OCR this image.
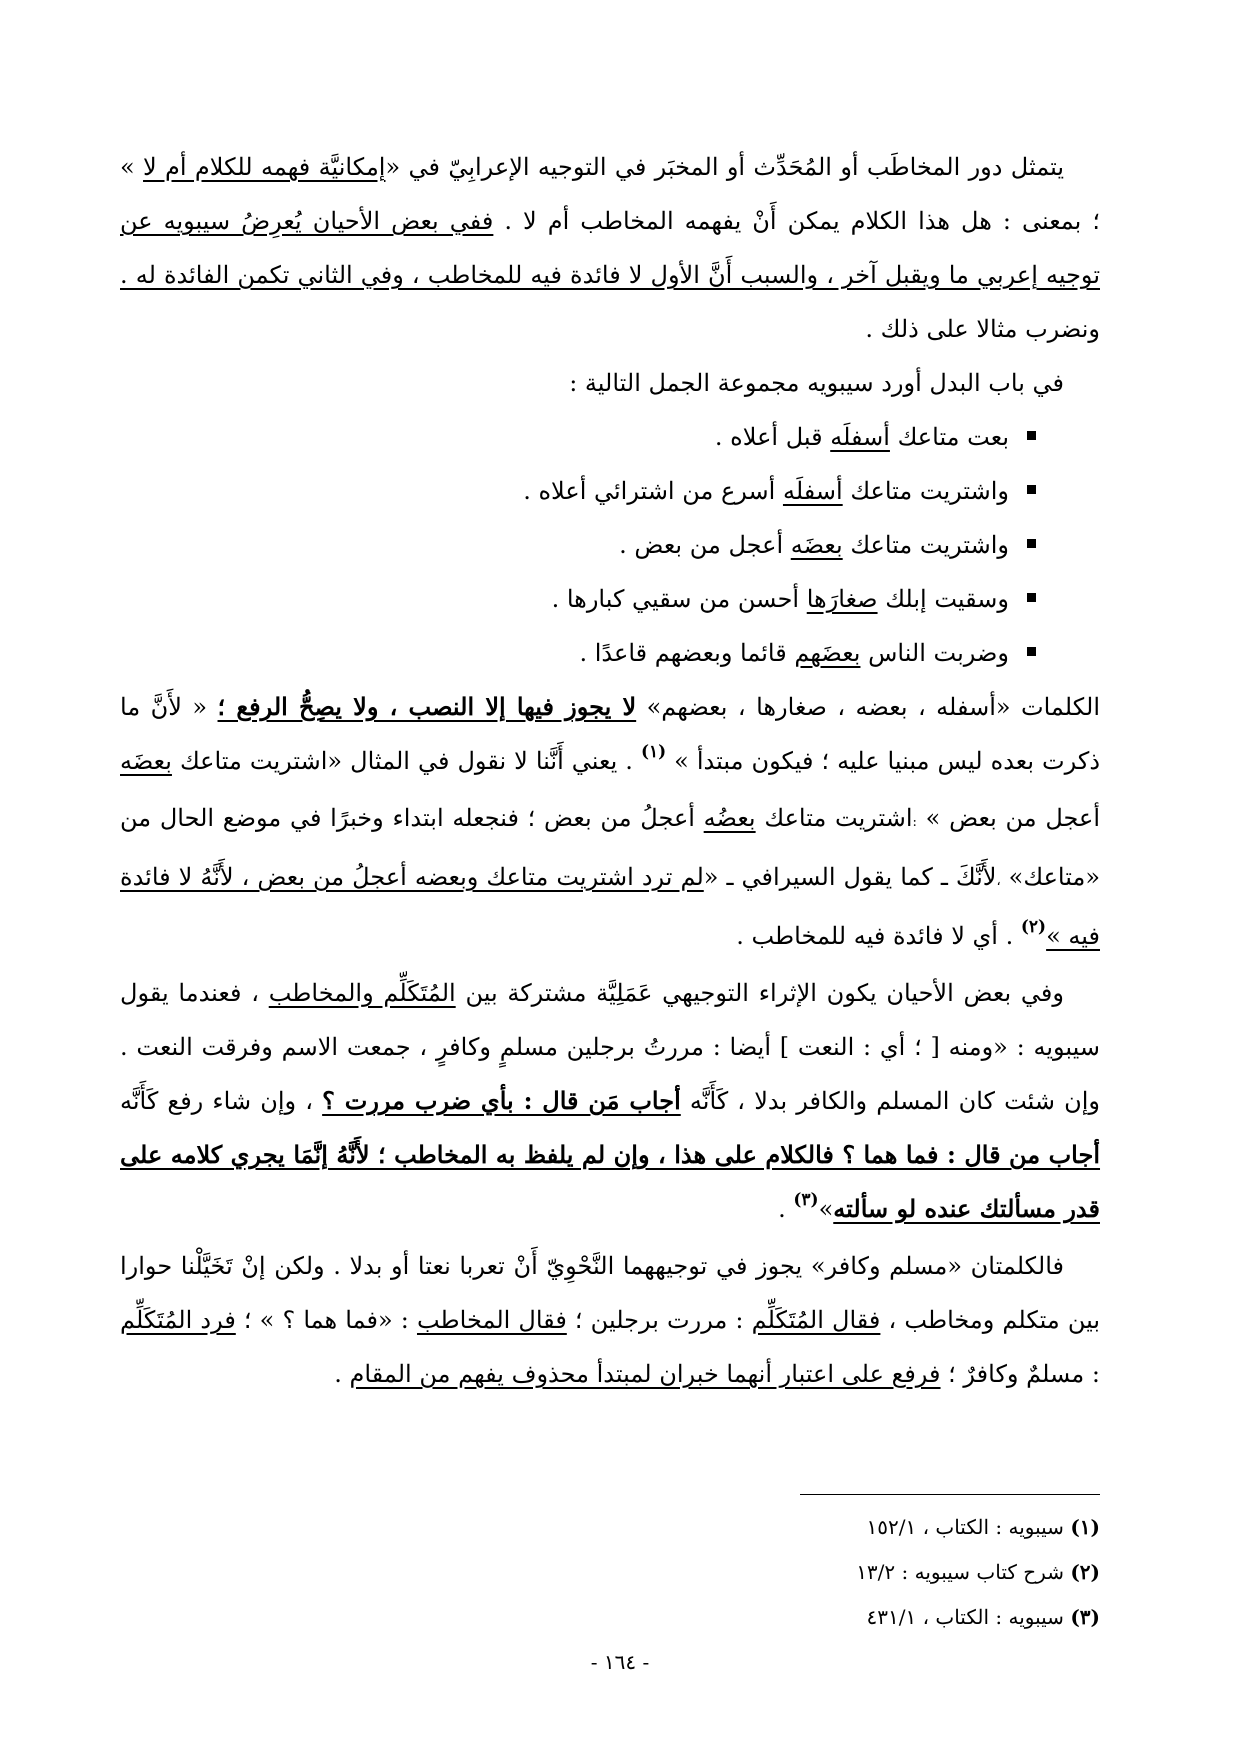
يتمثل دور المخاطَب أو المُحَدِّث أو المخبَر في التوجيه الإعرابِيّ في «إمكانيَّة فهمه للكلام أم لا » ؛ بمعنى : هل هذا الكلام يمكن أَنْ يفهمه المخاطب أم لا . ففي بعض الأحيان يُعرِضُ سيبويه عن توجيه إعربي ما ويقبل آخر ، والسبب أَنَّ الأول لا فائدة فيه للمخاطب ، وفي الثاني تكمن الفائدة له . ونضرب مثالا على ذلك .

في باب البدل أورد سيبويه مجموعة الجمل التالية :

بعت متاعك أسفلَه قبل أعلاه .
واشتريت متاعك أسفلَه أسرع من اشترائي أعلاه .
واشتريت متاعك بعضَه أعجل من بعض .
وسقيت إبلك صغارَها أحسن من سقيي كبارها .
وضربت الناس بعضَهم قائما وبعضهم قاعدًا .

الكلمات «أسفله ، بعضه ، صغارها ، بعضهم» لا يجوز فيها إلا النصب ، ولا يصِحُّ الرفع ؛ « لأَنَّ ما ذكرت بعده ليس مبنيا عليه ؛ فيكون مبتدأ » $^{(١)}$ . يعني أَنَّنا لا نقول في المثال «اشتريت متاعك بعضَه أعجل من بعض » :اشتريت متاعك بعضُه أعجلُ من بعض ؛ فنجعله ابتداء وخبرًا في موضع الحال من «متاعك» ،لأَنَّكَ ـ كما يقول السيرافي ـ «لم ترد اشتريت متاعك وبعضه أعجلُ من بعض ، لأَنَّهُ لا فائدة فيه »$^{(٢)}$ . أي لا فائدة فيه للمخاطب .

وفي بعض الأحيان يكون الإثراء التوجيهي عَمَلِيَّة مشتركة بين المُتَكَلِّم والمخاطب ، فعندما يقول سيبويه : «ومنه [ ؛ أي : النعت ] أيضا : مررتُ برجلين مسلمٍ وكافرٍ ، جمعت الاسم وفرقت النعت . وإن شئت كان المسلم والكافر بدلا ، كَأَنَّه أجاب مَن قال : بأي ضرب مررت ؟ ، وإن شاء رفع كَأَنَّه أجاب من قال : فما هما ؟ فالكلام على هذا ، وإن لم يلفظ به المخاطب ؛ لأَنَّهُ إنَّمَا يجري كلامه على قدر مسألتك عنده لو سألته»$^{(٣)}$ .

فالكلمتان «مسلم وكافر» يجوز في توجيههما النَّحْوِيّ أَنْ تعربا نعتا أو بدلا . ولكن إنْ تَخَيَّلْنا حوارا بين متكلم ومخاطب ، فقال المُتَكَلِّم : مررت برجلين ؛ فقال المخاطب : «فما هما ؟ » ؛ فرد المُتَكَلِّم : مسلمٌ وكافرٌ ؛ فرفع على اعتبار أنهما خبران لمبتدأ محذوف يفهم من المقام .

(١) سيبويه : الكتاب ، ١٥٢/١
(٢) شرح كتاب سيبويه : ١٣/٢
(٣) سيبويه : الكتاب ، ٤٣١/١
- ١٦٤ -
